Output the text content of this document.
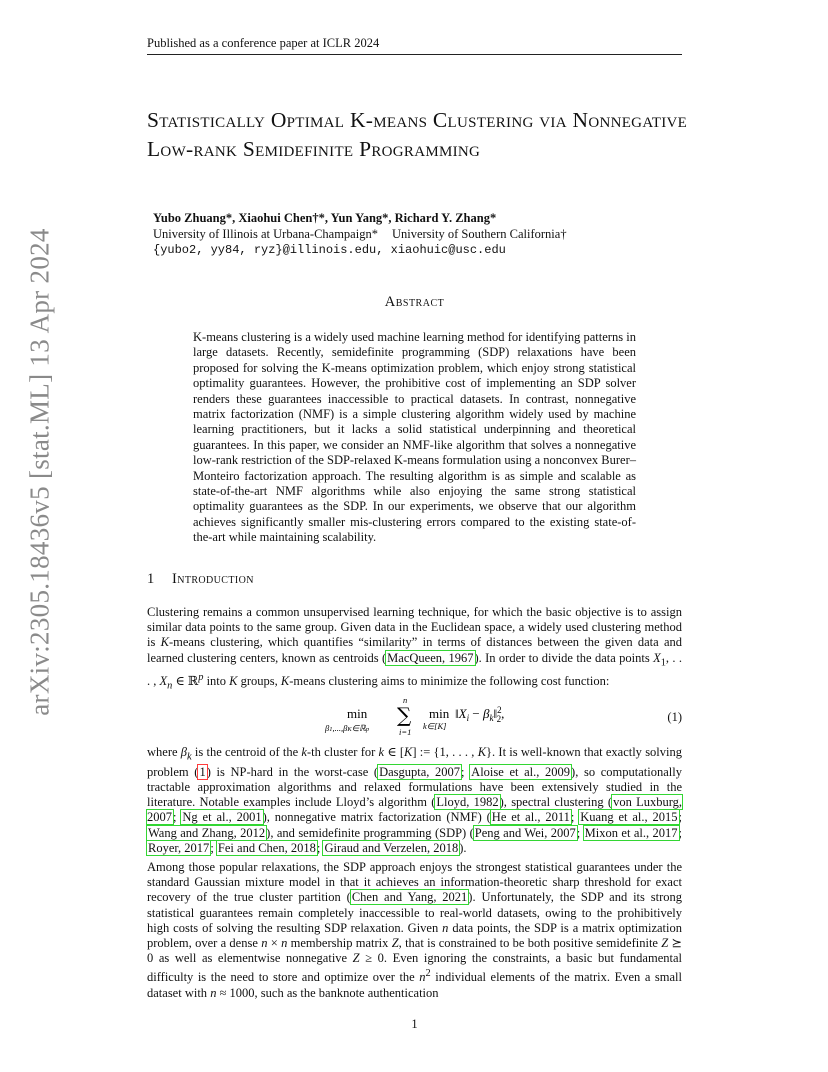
arXiv:2305.18436v5 [stat.ML] 13 Apr 2024
Published as a conference paper at ICLR 2024
Statistically Optimal K-means Clustering via Nonnegative Low-rank Semidefinite Programming
Yubo Zhuang*, Xiaohui Chen†*, Yun Yang*, Richard Y. Zhang*
University of Illinois at Urbana-Champaign* University of Southern California†
{yubo2, yy84, ryz}@illinois.edu, xiaohuic@usc.edu
Abstract

K-means clustering is a widely used machine learning method for identifying patterns in large datasets. Recently, semidefinite programming (SDP) relaxations have been proposed for solving the K-means optimization problem, which enjoy strong statistical optimality guarantees. However, the prohibitive cost of implementing an SDP solver renders these guarantees inaccessible to practical datasets. In contrast, nonnegative matrix factorization (NMF) is a simple clustering algorithm widely used by machine learning practitioners, but it lacks a solid statistical underpinning and theoretical guarantees. In this paper, we consider an NMF-like algorithm that solves a nonnegative low-rank restriction of the SDP-relaxed K-means formulation using a nonconvex Burer–Monteiro factorization approach. The resulting algorithm is as simple and scalable as state-of-the-art NMF algorithms while also enjoying the same strong statistical optimality guarantees as the SDP. In our experiments, we observe that our algorithm achieves significantly smaller mis-clustering errors compared to the existing state-of-the-art while maintaining scalability.

1 Introduction

Clustering remains a common unsupervised learning technique, for which the basic objective is to assign similar data points to the same group. Given data in the Euclidean space, a widely used clustering method is K-means clustering, which quantifies “similarity” in terms of distances between the given data and learned clustering centers, known as centroids (MacQueen, 1967). In order to divide the data points $X_1$, . . . , $X_n$ ∈ ℝ$^p$ into K groups, K-means clustering aims to minimize the following cost function:

min
β1,...,βK∈ℝp
n
∑
i=1
min
k∈[K]
$‖X_i$ − $\beta_k‖^2$ 2,	(1)

where $\beta_k$ is the centroid of the k-th cluster for k ∈ [K] := {1, . . . , K}. It is well-known that exactly solving problem (1) is NP-hard in the worst-case (Dasgupta, 2007; Aloise et al., 2009), so computationally tractable approximation algorithms and relaxed formulations have been extensively studied in the literature. Notable examples include Lloyd’s algorithm (Lloyd, 1982), spectral clustering (von Luxburg, 2007; Ng et al., 2001), nonnegative matrix factorization (NMF) (He et al., 2011; Kuang et al., 2015; Wang and Zhang, 2012), and semidefinite programming (SDP) (Peng and Wei, 2007; Mixon et al., 2017; Royer, 2017; Fei and Chen, 2018; Giraud and Verzelen, 2018).

Among those popular relaxations, the SDP approach enjoys the strongest statistical guarantees under the standard Gaussian mixture model in that it achieves an information-theoretic sharp threshold for exact recovery of the true cluster partition (Chen and Yang, 2021). Unfortunately, the SDP and its strong statistical guarantees remain completely inaccessible to real-world datasets, owing to the prohibitively high costs of solving the resulting SDP relaxation. Given n data points, the SDP is a matrix optimization problem, over a dense n × n membership matrix Z, that is constrained to be both positive semidefinite Z ⪰ 0 as well as elementwise nonnegative Z ≥ 0. Even ignoring the constraints, a basic but fundamental difficulty is the need to store and optimize over the $n^2$ individual elements of the matrix. Even a small dataset with n ≈ 1000, such as the banknote authentication

1
